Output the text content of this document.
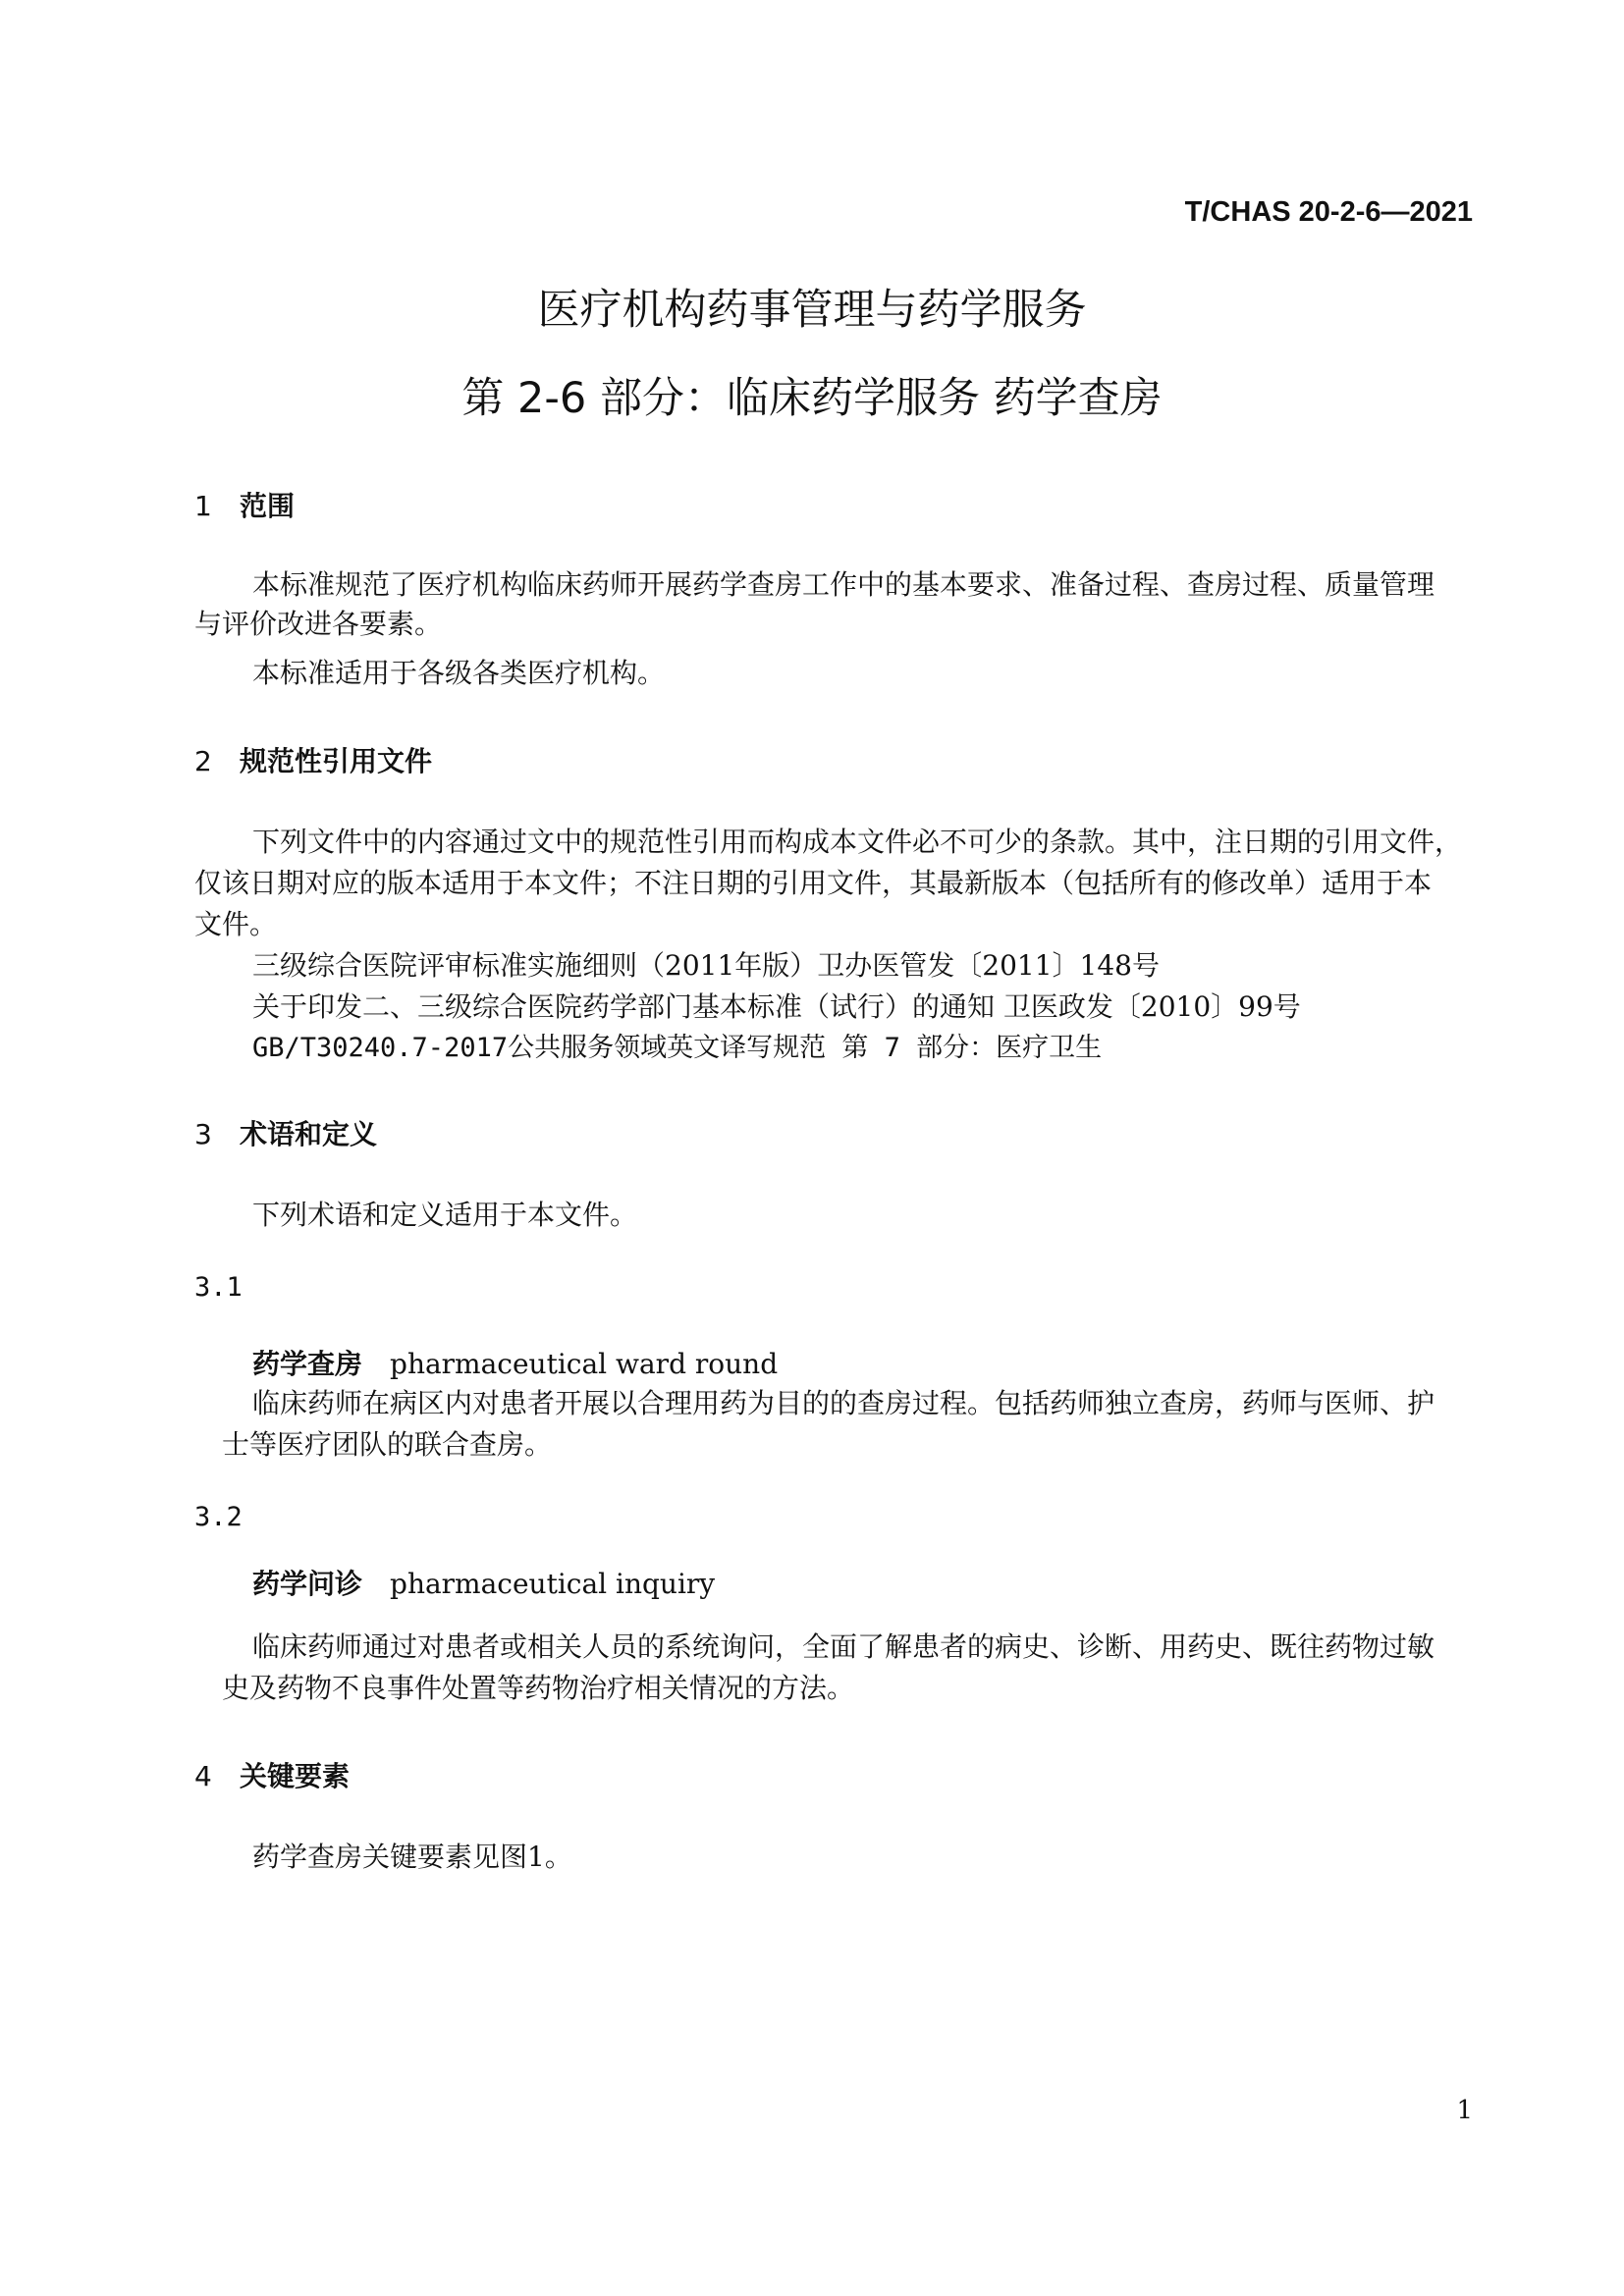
T/CHAS 20-2-6—2021
医疗机构药事管理与药学服务
第 2-6 部分：临床药学服务 药学查房
1 范围
本标准规范了医疗机构临床药师开展药学查房工作中的基本要求、准备过程、查房过程、质量管理
与评价改进各要素。
本标准适用于各级各类医疗机构。
2 规范性引用文件
下列文件中的内容通过文中的规范性引用而构成本文件必不可少的条款。其中，注日期的引用文件，
仅该日期对应的版本适用于本文件；不注日期的引用文件，其最新版本（包括所有的修改单）适用于本
文件。
三级综合医院评审标准实施细则（2011年版）卫办医管发〔2011〕148号
关于印发二、三级综合医院药学部门基本标准（试行）的通知 卫医政发〔2010〕99号
GB/T30240.7-2017公共服务领域英文译写规范 第 7 部分：医疗卫生
3 术语和定义
下列术语和定义适用于本文件。
3.1
药学查房 pharmaceutical ward round
临床药师在病区内对患者开展以合理用药为目的的查房过程。包括药师独立查房，药师与医师、护
士等医疗团队的联合查房。
3.2
药学问诊 pharmaceutical inquiry
临床药师通过对患者或相关人员的系统询问，全面了解患者的病史、诊断、用药史、既往药物过敏
史及药物不良事件处置等药物治疗相关情况的方法。
4 关键要素
药学查房关键要素见图1。
1
